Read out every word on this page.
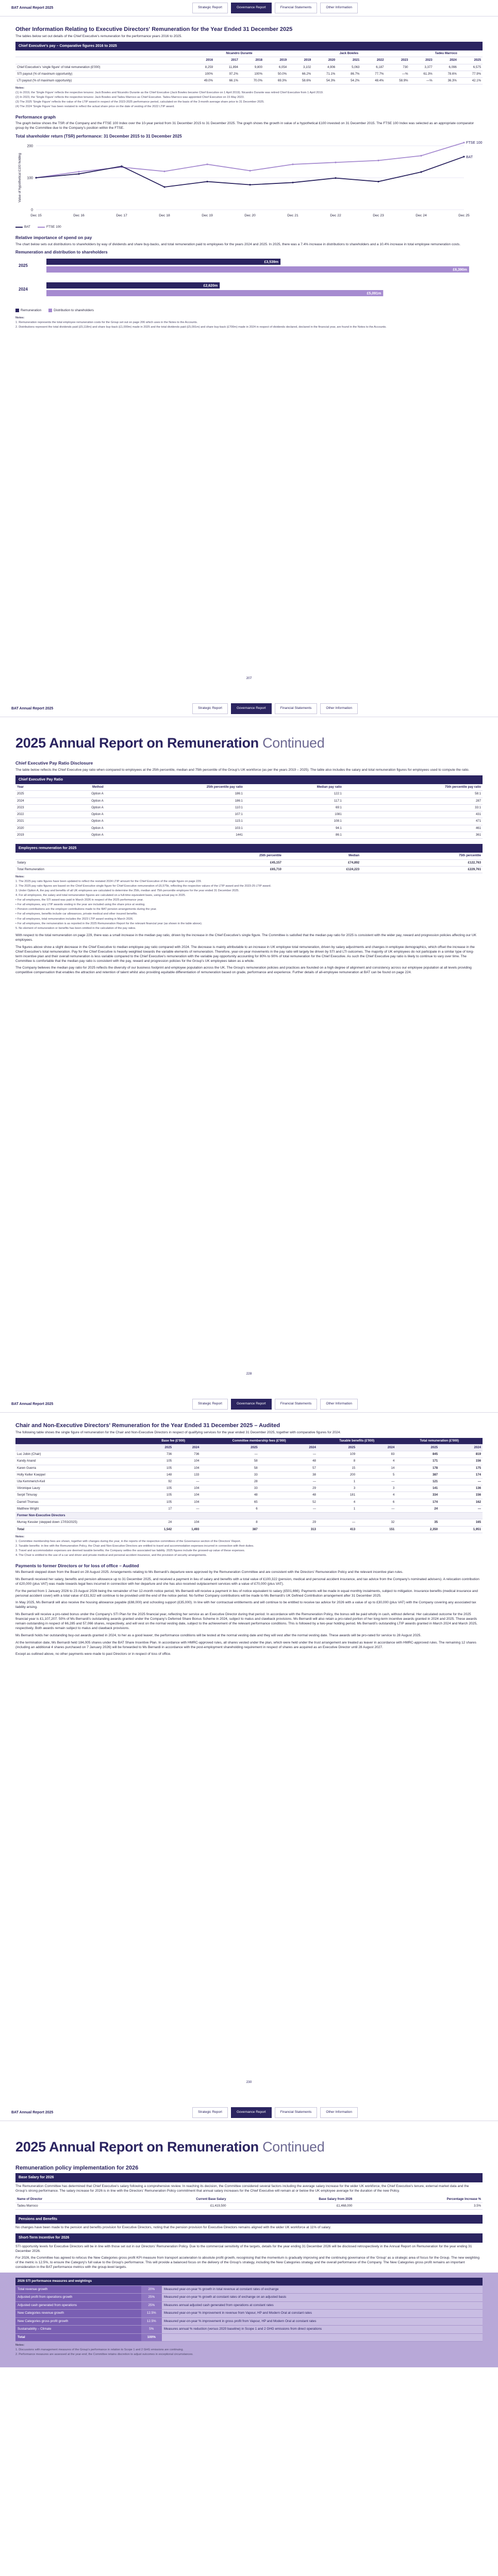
BAT Annual Report 2025	Strategic Report	Governance Report	Financial Statements	Other Information
Other Information Relating to Executive Directors' Remuneration for the Year Ended 31 December 2025

The tables below set out details of the Chief Executive's remuneration for the performance years 2016 to 2025.

Chief Executive's pay – Comparative figures 2016 to 2025
	Nicandro Durante				Jack Bowles					Tadeu Marroco		
	2016	2017	2018	2019	2019	2020	2021	2022	2023	2023	2024	2025
Chief Executive's 'single figure' of total remuneration (£'000)	8,259	11,894	9,800	6,054	3,102	4,906	5,063	6,187	730	3,377	6,096	6,575
STI payout (% of maximum opportunity)	100%	97.2%	100%	50.0%	66.2%	71.1%	86.7%	77.7%	—%	61.3%	78.6%	77.9%
LTI payout (% of maximum opportunity)	49.0%	66.1%	70.0%	69.3%	58.6%	54.3%	54.2%	48.4%	58.9%	—%	36.3%	42.1%

Notes:

(1) In 2019, the 'Single Figure' reflects the respective tenures: Jack Bowles and Nicandro Durante as the Chief Executive (Jack Bowles became Chief Executive on 1 April 2019). Nicandro Durante was retired Chief Executive from 1 April 2019.

(2) In 2023, the 'Single Figure' reflects the respective tenures: Jack Bowles and Tadeu Marroco as Chief Executive. Tadeu Marroco was appointed Chief Executive on 15 May 2023.

(3) The 2025 'Single Figure' reflects the value of the LTIP award in respect of the 2023-2025 performance period, calculated on the basis of the 3-month average share price to 31 December 2025.

(4) The 2024 'Single Figure' has been restated to reflect the actual share price on the date of vesting of the 2022 LTIP award.

Performance graph

The graph below shows the TSR of the Company and the FTSE 100 Index over the 10-year period from 31 December 2015 to 31 December 2025. The graph shows the growth in value of a hypothetical £100 invested on 31 December 2015. The FTSE 100 Index was selected as an appropriate comparator group by the Committee due to the Company's position within the FTSE.

Total shareholder return (TSR) performance: 31 December 2015 to 31 December 2025
0
100
200
Dec 15	Dec 16	Dec 17	Dec 18	Dec 19	Dec 20	Dec 21	Dec 22	Dec 23	Dec 24	Dec 25
Value of hypothetical £100 holding
FTSE 100
BAT
BAT	FTSE 100
Relative importance of spend on pay

The chart below sets out distributions to shareholders by way of dividends and share buy-backs, and total remuneration paid to employees for the years 2024 and 2025. In 2025, there was a 7.4% increase in distributions to shareholders and a 10.4% increase in total employee remuneration costs.

Remuneration and distribution to shareholders
2025
£3,539m
£6,390m
2024
£2,620m
£5,091m
Remuneration	Distribution to shareholders

Notes:

1. Remuneration represents the total employee remuneration costs for the Group set out on page 206 which uses in the Notes to the Accounts.

2. Distributions represent the total dividends paid (£5,118m) and share buy-back (£1,000m) made in 2025 and the total dividends paid (£5,091m) and share buy-back (£700m) made in 2024 in respect of dividends declared, declared in the financial year, are found in the Notes to the Accounts.

207
BAT Annual Report 2025	Strategic Report	Governance Report	Financial Statements	Other Information
2025 Annual Report on Remuneration Continued
Chief Executive Pay Ratio Disclosure

The table below reflects the Chief Executive pay ratio when compared to employees at the 25th percentile, median and 75th percentile of the Group's UK workforce (as per the years 2019 – 2025). The table also includes the salary and total remuneration figures for employees used to compute the ratio.

Chief Executive Pay Ratio
Year	Method	25th percentile pay ratio	Median pay ratio	75th percentile pay ratio
2025	Option A	186:1	122:1	58:1
2024	Option A	186:1	117:1	287
2023	Option A	110:1	69:1	33:1
2022	Option A	107:1	1081	431
2021	Option A	115:1	108:1	471
2020	Option A	103:1	94:1	461
2019	Option A	1441	86:1	361
Employees remuneration for 2025
	25th percentile	Median	75th percentile
Salary	£45,157	£74,892	£122,763
Total Remuneration	£65,710	£124,223	£229,761

Notes:

1. The 2025 pay ratio figures have been updated to reflect the restated 2024 LTIP amount for the Chief Executive of the single figure on page 229.

2. The 2025 pay ratio figures are based on the Chief Executive single figure for Chief Executive remuneration of £6,575k, reflecting the respective values of the LTIP award and the 2023-25 LTIP award.

3. Under Option A, the pay and benefits of all UK employees are calculated to determine the 25th, median and 75th percentile employee for the year ended 31 December 2025.

4. For all employees, the salary and total remuneration figures are calculated on a full-time equivalent basis, using actual pay in 2025.

• For all employees, the STI award was paid in March 2026 in respect of the 2025 performance year.

• For all employees, any LTIP awards vesting in the year are included using the share price at vesting.

• Pension contributions are the employer contributions made to the BAT pension arrangements during the year.

• For all employees, benefits include car allowances, private medical and other insured benefits.

• For all employees, total remuneration includes the 2023 LTIP award vesting in March 2026.

• For all employees, the remuneration is as reported in the 2025 Remuneration Report for the relevant financial year (as shown in the table above).

5. No element of remuneration or benefits has been omitted in the calculation of the pay ratios.

With respect to the total remuneration on page 229, there was a small increase in the median pay ratio, driven by the increase in the Chief Executive's single figure. The Committee is satisfied that the median pay ratio for 2025 is consistent with the wider pay, reward and progression policies affecting our UK employees.

The figures above show a slight decrease in the Chief Executive to median employee pay ratio compared with 2024. The decrease is mainly attributable to an increase in UK employee total remuneration, driven by salary adjustments and changes in employee demographics, which offset the increase in the Chief Executive's total remuneration. Pay for the Chief Executive is heavily weighted towards the variable elements of remuneration. Therefore, year-on-year movements in the pay ratio will largely be driven by STI and LTI outcomes. The majority of UK employees do not participate in a similar type of long-term incentive plan and their overall remuneration is less variable compared to the Chief Executive's remuneration with the variable pay opportunity accounting for 80% to 90% of total remuneration for the Chief Executive. As such the Chief Executive pay ratio is likely to continue to vary over time. The Committee is comfortable that the median pay ratio is consistent with the pay, reward and progression policies for the Group's UK employees taken as a whole.

The Company believes the median pay ratio for 2025 reflects the diversity of our business footprint and employee population across the UK. The Group's remuneration policies and practices are founded on a high degree of alignment and consistency across our employee population at all levels providing competitive compensation that enables the attraction and retention of talent whilst also providing equitable differentiation of remuneration based on grade, performance and experience. Further details of all-employee remuneration at BAT can be found on page 224.

228
BAT Annual Report 2025	Strategic Report	Governance Report	Financial Statements	Other Information
Chair and Non-Executive Directors' Remuneration for the Year Ended 31 December 2025 – Audited

The following table shows the single figure of remuneration for the Chair and Non-Executive Directors in respect of qualifying services for the year ended 31 December 2025, together with comparative figures for 2024.

	Base fee (£'000)		Committee membership fees (£'000)		Taxable benefits (£'000)		Total remuneration (£'000)	
	2025	2024	2025	2024	2025	2024	2025	2024
Luc Jobin (Chair)	736	736	—	—	109	83	845	819
Kandy Anand	105	104	58	48	8	4	171	156
Karen Guerra	105	104	58	57	15	14	178	175
Holly Keller Koeppel	148	133	33	38	200	5	387	174
Uta Kemmerich-Keil	92	—	28	—	1	—	121	—
Véronique Laury	105	104	33	29	3	3	141	136
Serpil Timuray	105	104	48	48	181	4	334	156
Darrell Thomas	105	104	65	52	4	6	174	162
Matthew Wright	17	—	6	—	1	—	24	—
Former Non-Executive Directors								
Murray Kessler (stepped down 17/03/2025)	24	104	8	29	—	32	35	165
Total	1,542	1,493	387	313	413	151	2,350	1,951

Notes:

1. Committee membership fees are shown, together with changes during the year, in the reports of the respective committees of the Governance section of the Directors' Report.

2. Taxable benefits: in line with the Remuneration Policy, the Chair and Non-Executive Directors are entitled to travel and accommodation expenses incurred in connection with their duties.

3. Travel and accommodation expenses are deemed taxable benefits; the Company settles the associated tax liability. 2025 figures include the grossed-up value of these expenses.

4. The Chair is entitled to the use of a car and driver and private medical and personal accident insurance, and the provision of security arrangements.

Payments to former Directors or for loss of office – Audited

Ms Bernardi stepped down from the Board on 28 August 2025. Arrangements relating to Ms Bernardi's departure were approved by the Remuneration Committee and are consistent with the Directors' Remuneration Policy and the relevant incentive plan rules.

Ms Bernardi received her salary, benefits and pension allowance up to 31 December 2025, and received a payment in lieu of salary and benefits with a total value of £100,322 (pension, medical and personal accident insurance, and tax advice from the Company's nominated advisers). A relocation contribution of £20,000 (plus VAT) was made towards legal fees incurred in connection with her departure and she has also received outplacement services with a value of £70,000 (plus VAT).

For the period from 1 January 2026 to 23 August 2026 being the remainder of her 12-month notice period, Ms Bernardi will receive a payment in lieu of notice equivalent to salary (£501,666). Payments will be made in equal monthly instalments, subject to mitigation. Insurance benefits (medical insurance and personal accident cover) with a total value of £31,922 will continue to be provided until the end of the notice period. No further Company contributions will be made to Ms Bernardi's UK Defined Contribution arrangement after 31 December 2025.

In May 2025, Ms Bernardi will also receive the housing allowance payable (£88,000) and schooling support (£35,000). In line with her contractual entitlements and will continue to be entitled to receive tax advice for 2026 with a value of up to £30,000 (plus VAT) with the Company covering any associated tax liability arising.

Ms Bernardi will receive a pro-rated bonus under the Company's STI Plan for the 2025 financial year, reflecting her service as an Executive Director during that period. In accordance with the Remuneration Policy, the bonus will be paid wholly in cash, without deferral. Her calculated outcome for the 2025 financial year is £1,107,207. 50% of Ms Bernardi's outstanding awards granted under the Company's Deferred Share Bonus Scheme in 2024, subject to malus and clawback provisions. Ms Bernardi will also retain a pro-rated portion of her long-term incentive awards granted in 2024 and 2025. These awards remain outstanding in respect of 66,285 and 57,066 shares, respectively, and will vest on the normal vesting date, subject to the achievement of the relevant performance conditions. This is followed by a two-year holding period. Ms Bernardi's outstanding LTIP awards granted in March 2024 and March 2025, respectively. Both awards remain subject to malus and clawback provisions.

Ms Bernardi holds her outstanding buy-out awards granted in 2024, to her as a good leaver; the performance conditions will be tested at the normal vesting date and they will vest after the normal vesting date. These awards will be pro-rated for service to 28 August 2025.

At the termination date, Ms Bernardi held 184,005 shares under the BAT Share Incentive Plan. In accordance with HMRC-approved rules, all shares vested under the plan, which were held under the trust arrangement are treated as leaver in accordance with HMRC-approved rules. The remaining 12 shares (including an additional 4 shares purchased on 7 January 2026) will be forwarded to Ms Bernardi in accordance with the post-employment shareholding requirement in respect of shares are acquired as an Executive Director until 28 August 2027.

Except as outlined above, no other payments were made to past Directors or in respect of loss of office.

230
BAT Annual Report 2025	Strategic Report	Governance Report	Financial Statements	Other Information
2025 Annual Report on Remuneration Continued
Remuneration policy implementation for 2026
Base Salary for 2026

The Remuneration Committee has determined that Chief Executive's salary following a comprehensive review. In reaching its decision, the Committee considered several factors including the average salary increase for the wider UK workforce, the Chief Executive's tenure, external market data and the Group's strong performance. The salary increase for 2026 is in line with the Directors' Remuneration Policy commitment that annual salary increases for the Chief Executive will remain at or below the UK employee average for the duration of the new Policy.

Name of Director	Current Base Salary	Base Salary from 2026	Percentage Increase %
Tadeu Marroco	£1,419,500	£1,468,000	3.5%
Pensions and Benefits

No changes have been made to the pension and benefits provision for Executive Directors, noting that the pension provision for Executive Directors remains aligned with the wider UK workforce at 11% of salary.

Short-Term Incentive for 2026

STI opportunity levels for Executive Directors will be in line with those set out in our Directors' Remuneration Policy. Due to the commercial sensitivity of the targets, details for the year ending 31 December 2026 will be disclosed retrospectively in the Annual Report on Remuneration for the year ending 31 December 2026.

For 2026, the Committee has agreed to refocus the New Categories gross profit KPI measure from transport acceleration to absolute profit growth, recognising that the momentum is gradually improving and the continuing governance of the 'Group' as a strategic area of focus for the Group. The new weighting of the metric is 12.5%, to ensure the Category's full value to the Group's performance. This will provide a balanced focus on the delivery of the Group's strategy, including the New Categories strategy and the overall performance of the Company. The New Categories gross profit remains an important consideration in the BAT performance metrics with the group-level targets.

2026 STI performance measures and weightings		
Total revenue growth	20%	Measured year-on-year % growth in total revenue at constant rates of exchange
Adjusted profit from operations growth	25%	Measured year-on-year % growth at constant rates of exchange on an adjusted basis
Adjusted cash generated from operations	25%	Measures annual adjusted cash generated from operations at constant rates
New Categories revenue growth	12.5%	Measured year-on-year % improvement in revenue from Vapour, HP and Modern Oral at constant rates
New Categories gross profit growth	12.5%	Measured year-on-year % improvement in gross profit from Vapour, HP and Modern Oral at constant rates
Sustainability – Climate	5%	Measures annual % reduction (versus 2020 baseline) in Scope 1 and 2 GHG emissions from direct operations
Total	100%	

Notes:

1. Discussions with management measures of the Group's performance in relation to Scope 1 and 2 GHG emissions are continuing.

2. Performance measures are assessed at the year-end; the Committee retains discretion to adjust outcomes in exceptional circumstances.
